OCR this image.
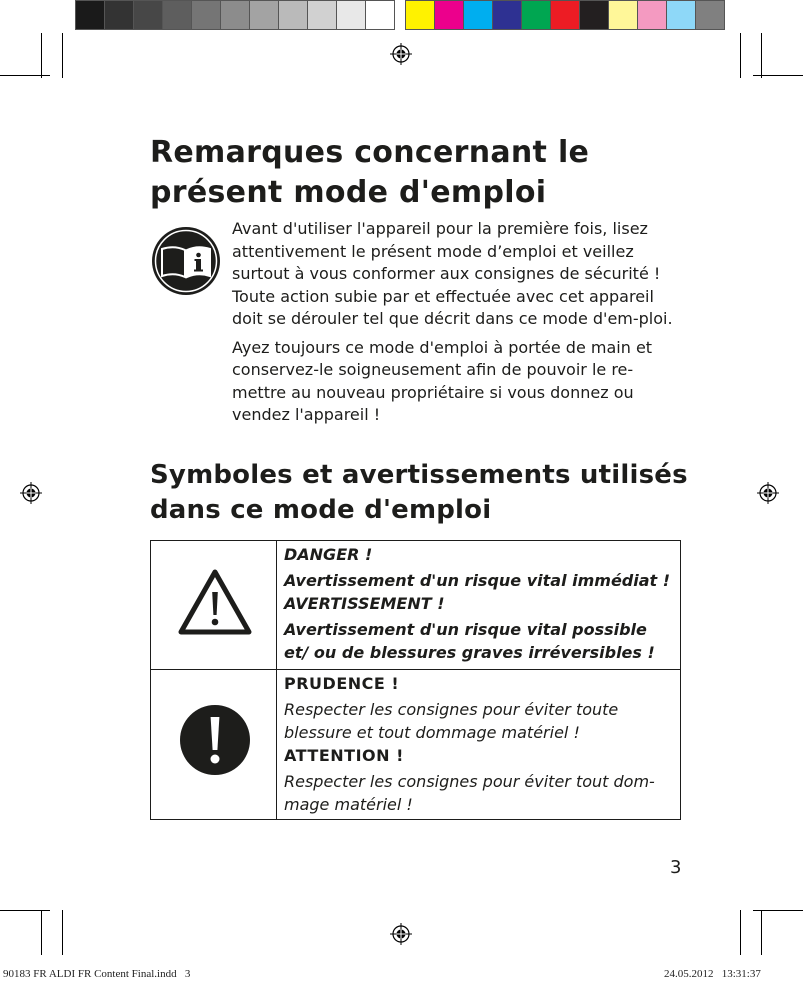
Remarques concernant le présent mode d'emploi

Avant d'utiliser l'appareil pour la première fois, lisez attentivement le présent mode d’emploi et veillez surtout à vous conformer aux consignes de sécurité ! Toute action subie par et effectuée avec cet appareil doit se dérouler tel que décrit dans ce mode d'em-ploi.

Ayez toujours ce mode d'emploi à portée de main et conservez-le soigneusement afin de pouvoir le re-mettre au nouveau propriétaire si vous donnez ou vendez l'appareil !

Symboles et avertissements utilisés dans ce mode d'emploi

DANGER !
Avertissement d'un risque vital immédiat !
AVERTISSEMENT !
Avertissement d'un risque vital possible et/ ou de blessures graves irréversibles !

PRUDENCE !
Respecter les consignes pour éviter toute blessure et tout dommage matériel !
ATTENTION !
Respecter les consignes pour éviter tout dom-mage matériel !
3
90183 FR ALDI FR Content Final.indd   3	24.05.2012   13:31:37
